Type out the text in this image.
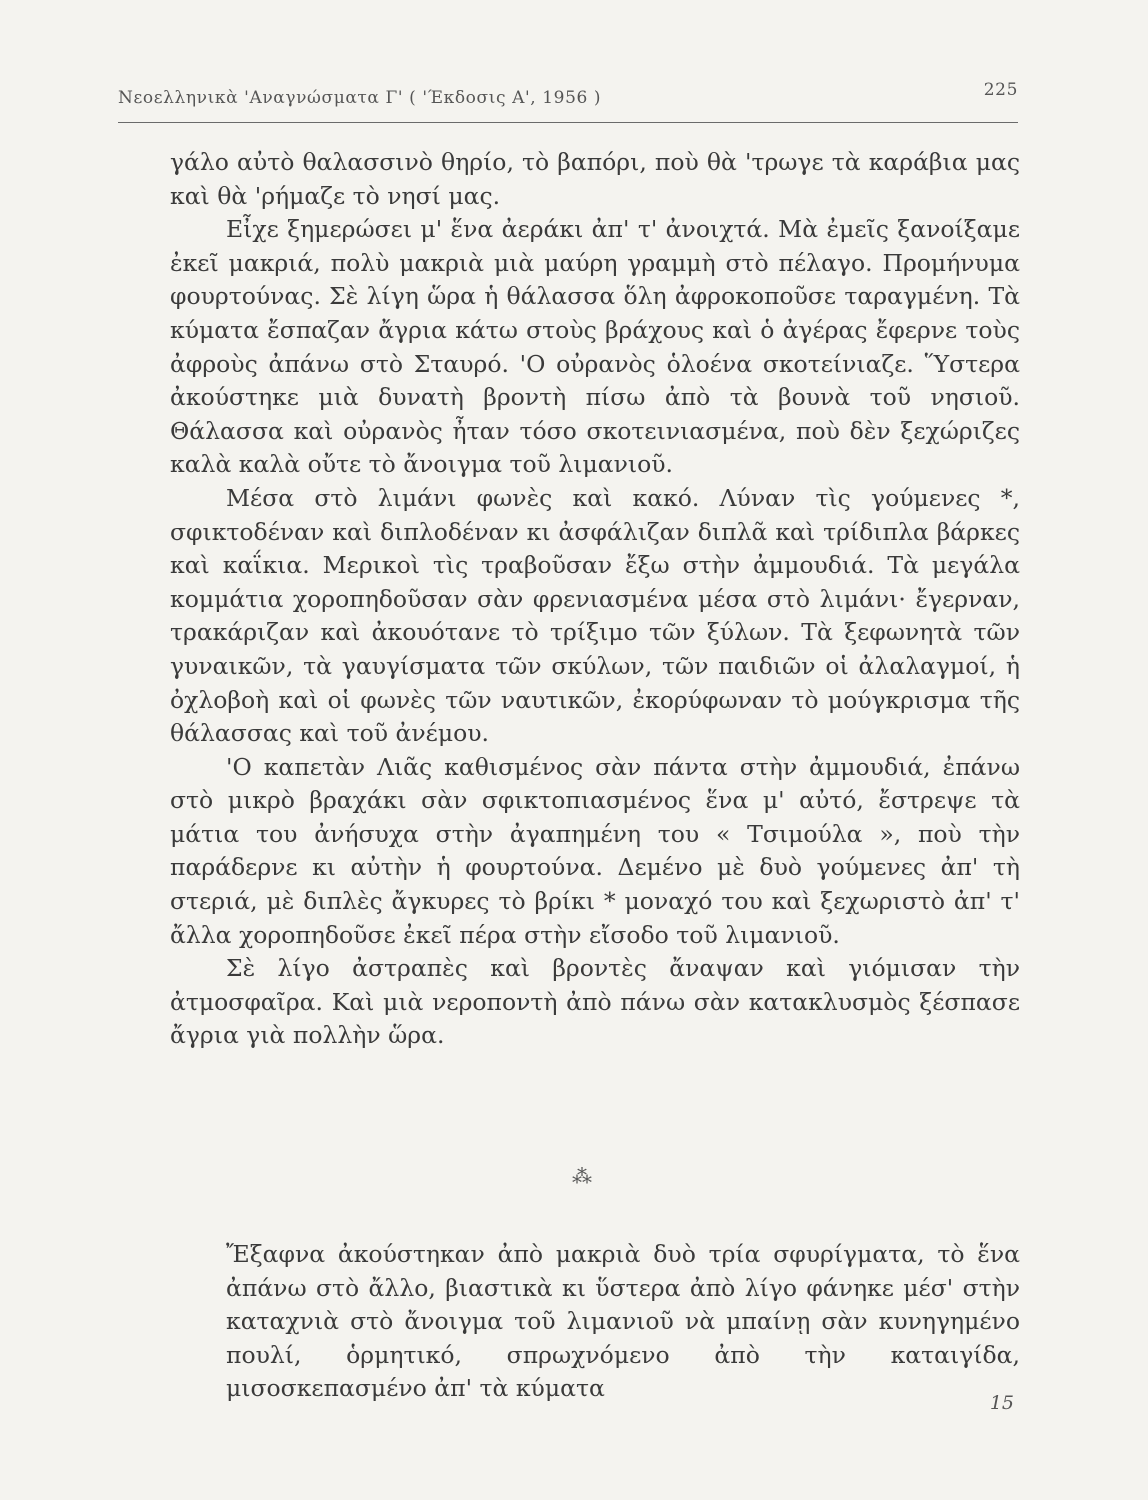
Νεοελληνικὰ 'Αναγνώσματα Γ' ( 'Έκδοσις Α', 1956 )	225

γάλο αὐτὸ θαλασσινὸ θηρίο, τὸ βαπόρι, ποὺ θὰ 'τρωγε τὰ καράβια μας καὶ θὰ 'ρήμαζε τὸ νησί μας.

Εἶχε ξημερώσει μ' ἕνα ἀεράκι ἀπ' τ' ἀνοιχτά. Μὰ ἐμεῖς ξανοίξαμε ἐκεῖ μακριά, πολὺ μακριὰ μιὰ μαύρη γραμμὴ στὸ πέλαγο. Προμήνυμα φουρτούνας. Σὲ λίγη ὥρα ἡ θάλασσα ὅλη ἀφροκοποῦσε ταραγμένη. Τὰ κύματα ἔσπαζαν ἄγρια κάτω στοὺς βράχους καὶ ὁ ἀγέρας ἔφερνε τοὺς ἀφροὺς ἀπάνω στὸ Σταυρό. 'Ο οὐρανὸς ὁλοένα σκοτείνιαζε. Ὕστερα ἀκούστηκε μιὰ δυνατὴ βροντὴ πίσω ἀπὸ τὰ βουνὰ τοῦ νησιοῦ. Θάλασσα καὶ οὐρανὸς ἦταν τόσο σκοτεινιασμένα, ποὺ δὲν ξεχώριζες καλὰ καλὰ οὔτε τὸ ἄνοιγμα τοῦ λιμανιοῦ.

Μέσα στὸ λιμάνι φωνὲς καὶ κακό. Λύναν τὶς γούμενες *, σφικτοδέναν καὶ διπλοδέναν κι ἀσφάλιζαν διπλᾶ καὶ τρίδιπλα βάρκες καὶ καΐκια. Μερικοὶ τὶς τραβοῦσαν ἔξω στὴν ἀμμουδιά. Τὰ μεγάλα κομμάτια χοροπηδοῦσαν σὰν φρενιασμένα μέσα στὸ λιμάνι· ἔγερναν, τρακάριζαν καὶ ἀκουότανε τὸ τρίξιμο τῶν ξύλων. Τὰ ξεφωνητὰ τῶν γυναικῶν, τὰ γαυγίσματα τῶν σκύλων, τῶν παιδιῶν οἱ ἀλαλαγμοί, ἡ ὀχλοβοὴ καὶ οἱ φωνὲς τῶν ναυτικῶν, ἐκορύφωναν τὸ μούγκρισμα τῆς θάλασσας καὶ τοῦ ἀνέμου.

'Ο καπετὰν Λιᾶς καθισμένος σὰν πάντα στὴν ἀμμουδιά, ἐπάνω στὸ μικρὸ βραχάκι σὰν σφικτοπιασμένος ἕνα μ' αὐτό, ἔστρεψε τὰ μάτια του ἀνήσυχα στὴν ἀγαπημένη του « Τσιμούλα », ποὺ τὴν παράδερνε κι αὐτὴν ἡ φουρτούνα. Δεμένο μὲ δυὸ γούμενες ἀπ' τὴ στεριά, μὲ διπλὲς ἄγκυρες τὸ βρίκι * μοναχό του καὶ ξεχωριστὸ ἀπ' τ' ἄλλα χοροπηδοῦσε ἐκεῖ πέρα στὴν εἴσοδο τοῦ λιμανιοῦ.

Σὲ λίγο ἀστραπὲς καὶ βροντὲς ἄναψαν καὶ γιόμισαν τὴν ἀτμοσφαῖρα. Καὶ μιὰ νεροποντὴ ἀπὸ πάνω σὰν κατακλυσμὸς ξέσπασε ἄγρια γιὰ πολλὴν ὥρα.

⁂

Ἔξαφνα ἀκούστηκαν ἀπὸ μακριὰ δυὸ τρία σφυρίγματα, τὸ ἕνα ἀπάνω στὸ ἄλλο, βιαστικὰ κι ὕστερα ἀπὸ λίγο φάνηκε μέσ' στὴν καταχνιὰ στὸ ἄνοιγμα τοῦ λιμανιοῦ νὰ μπαίνῃ σὰν κυνηγημένο πουλί, ὁρμητικό, σπρωχνόμενο ἀπὸ τὴν καταιγίδα, μισοσκεπασμένο ἀπ' τὰ κύματα

15
